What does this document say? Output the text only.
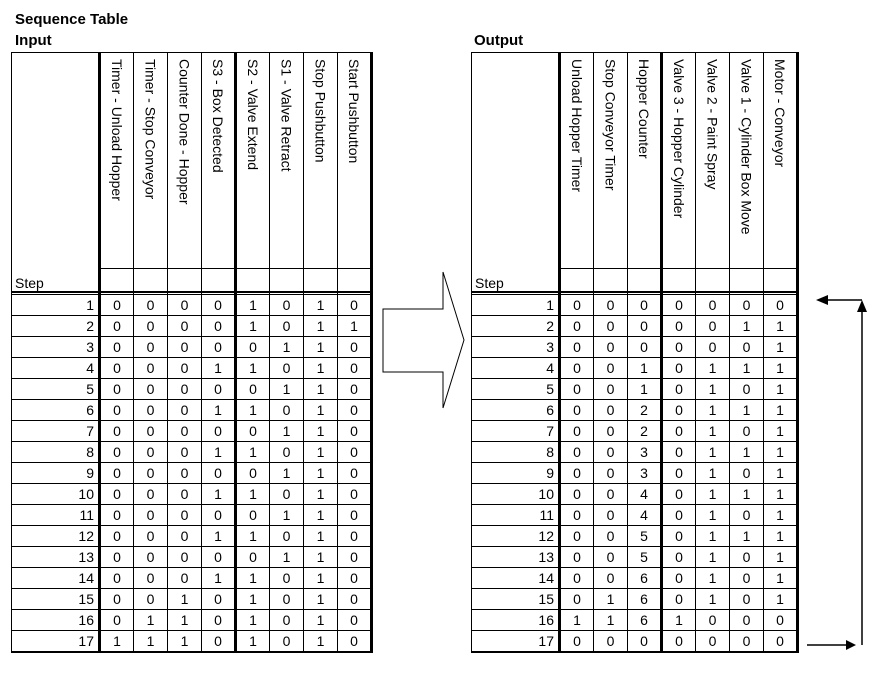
Sequence Table
Input	Output

	Timer - Unload Hopper	Timer - Stop Conveyor	Counter Done - Hopper	S3 - Box Detected	S2 - Valve Extend	S1 - Valve Retract	Stop Pushbutton	Start Pushbutton

Step								

1	0	0	0	0	1	0	1	0
2	0	0	0	0	1	0	1	1
3	0	0	0	0	0	1	1	0
4	0	0	0	1	1	0	1	0
5	0	0	0	0	0	1	1	0
6	0	0	0	1	1	0	1	0
7	0	0	0	0	0	1	1	0
8	0	0	0	1	1	0	1	0
9	0	0	0	0	0	1	1	0
10	0	0	0	1	1	0	1	0
11	0	0	0	0	0	1	1	0
12	0	0	0	1	1	0	1	0
13	0	0	0	0	0	1	1	0
14	0	0	0	1	1	0	1	0
15	0	0	1	0	1	0	1	0
16	0	1	1	0	1	0	1	0
17	1	1	1	0	1	0	1	0

	Unload Hopper Timer	Stop Conveyor Timer	Hopper Counter	Valve 3 - Hopper Cylinder	Valve 2 - Paint Spray	Valve 1 - Cylinder Box Move	Motor - Conveyor

Step							

1	0	0	0	0	0	0	0
2	0	0	0	0	0	1	1
3	0	0	0	0	0	0	1
4	0	0	1	0	1	1	1
5	0	0	1	0	1	0	1
6	0	0	2	0	1	1	1
7	0	0	2	0	1	0	1
8	0	0	3	0	1	1	1
9	0	0	3	0	1	0	1
10	0	0	4	0	1	1	1
11	0	0	4	0	1	0	1
12	0	0	5	0	1	1	1
13	0	0	5	0	1	0	1
14	0	0	6	0	1	0	1
15	0	1	6	0	1	0	1
16	1	1	6	1	0	0	0
17	0	0	0	0	0	0	0
